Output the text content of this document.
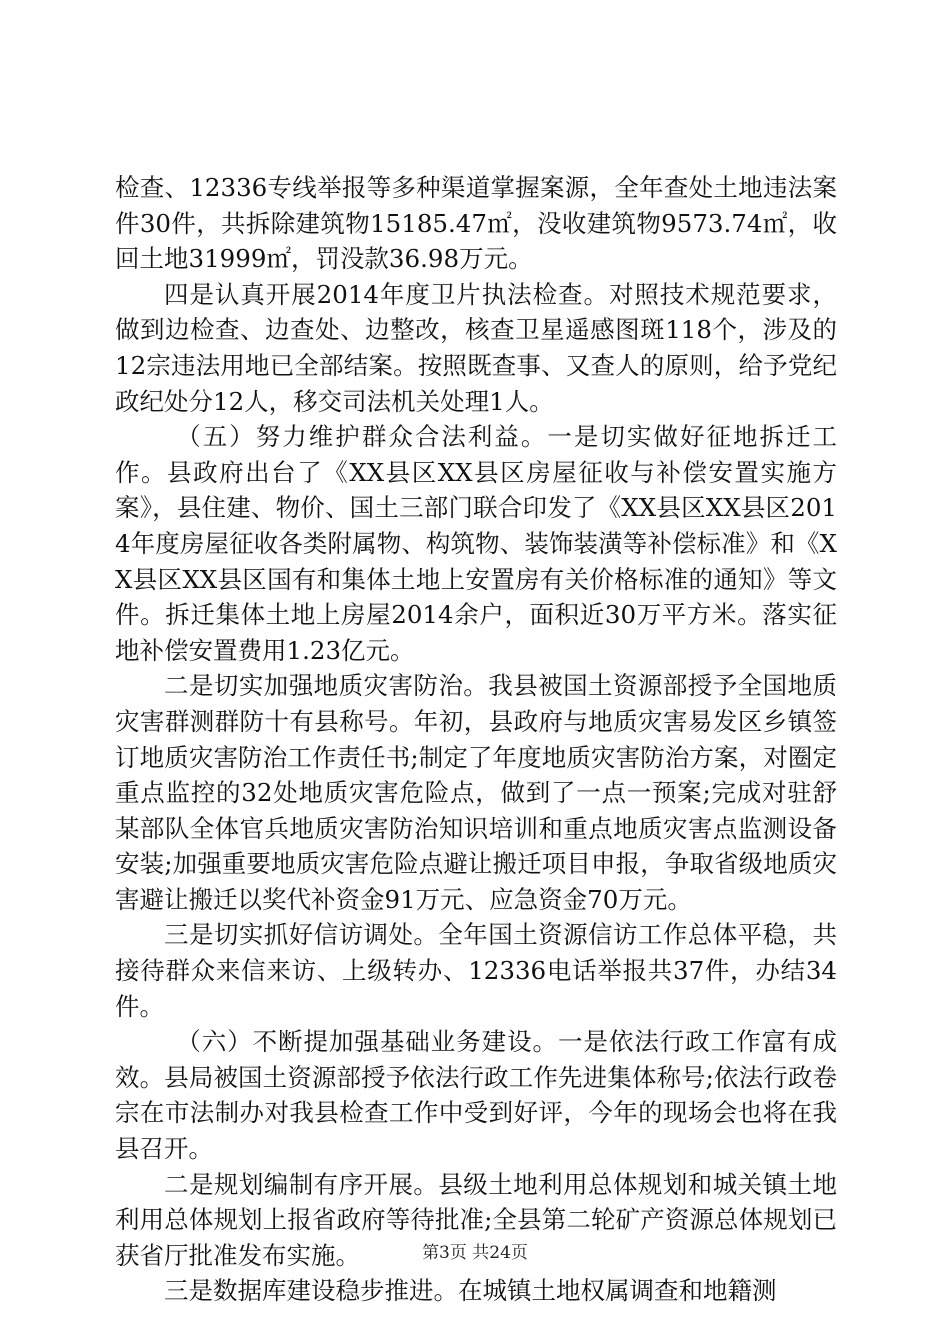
检查、12336专线举报等多种渠道掌握案源，全年查处土地违法案件30件，共拆除建筑物15185.47㎡，没收建筑物9573.74㎡，收回土地31999㎡，罚没款36.98万元。

四是认真开展2014年度卫片执法检查。对照技术规范要求，做到边检查、边查处、边整改，核查卫星遥感图斑118个，涉及的12宗违法用地已全部结案。按照既查事、又查人的原则，给予党纪政纪处分12人，移交司法机关处理1人。

（五）努力维护群众合法利益。一是切实做好征地拆迁工作。县政府出台了《XX县区XX县区房屋征收与补偿安置实施方案》，县住建、物价、国土三部门联合印发了《XX县区XX县区2014年度房屋征收各类附属物、构筑物、装饰装潢等补偿标准》和《XX县区XX县区国有和集体土地上安置房有关价格标准的通知》等文件。拆迁集体土地上房屋2014余户，面积近30万平方米。落实征地补偿安置费用1.23亿元。

二是切实加强地质灾害防治。我县被国土资源部授予全国地质灾害群测群防十有县称号。年初，县政府与地质灾害易发区乡镇签订地质灾害防治工作责任书;制定了年度地质灾害防治方案，对圈定重点监控的32处地质灾害危险点，做到了一点一预案;完成对驻舒某部队全体官兵地质灾害防治知识培训和重点地质灾害点监测设备安装;加强重要地质灾害危险点避让搬迁项目申报，争取省级地质灾害避让搬迁以奖代补资金91万元、应急资金70万元。

三是切实抓好信访调处。全年国土资源信访工作总体平稳，共接待群众来信来访、上级转办、12336电话举报共37件，办结34件。

（六）不断提加强基础业务建设。一是依法行政工作富有成效。县局被国土资源部授予依法行政工作先进集体称号;依法行政卷宗在市法制办对我县检查工作中受到好评，今年的现场会也将在我县召开。

二是规划编制有序开展。县级土地利用总体规划和城关镇土地利用总体规划上报省政府等待批准;全县第二轮矿产资源总体规划已获省厅批准发布实施。

三是数据库建设稳步推进。在城镇土地权属调查和地籍测

第3页 共24页
